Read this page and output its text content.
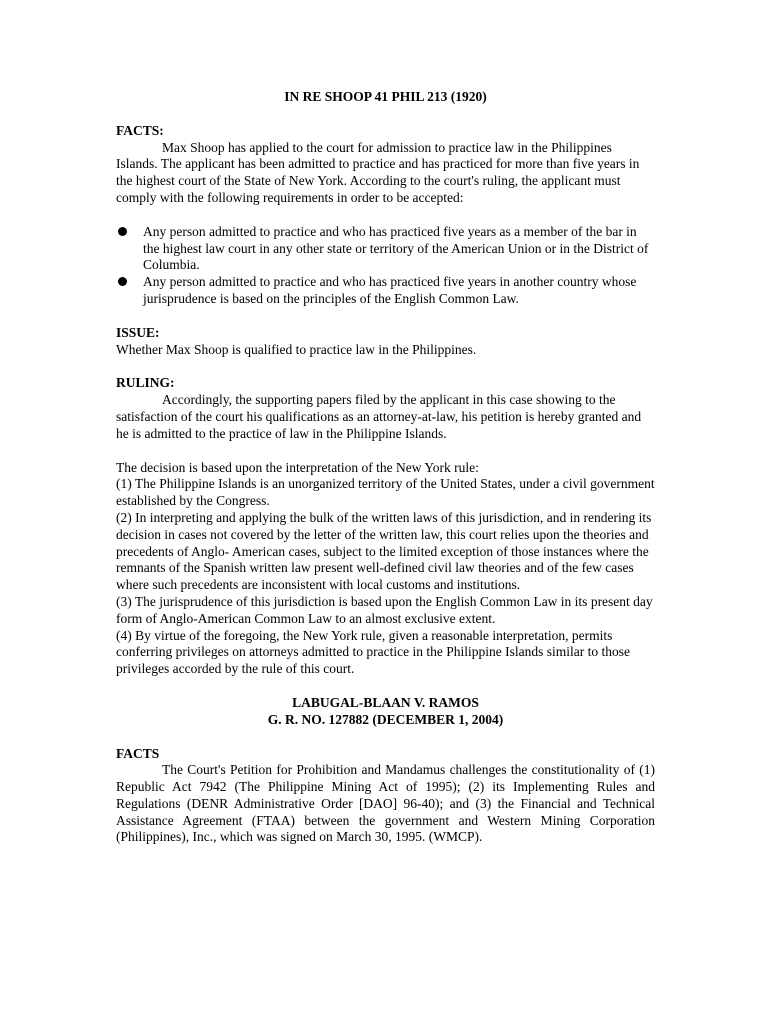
IN RE SHOOP 41 PHIL 213 (1920)

FACTS:

Max Shoop has applied to the court for admission to practice law in the Philippines Islands. The applicant has been admitted to practice and has practiced for more than five years in the highest court of the State of New York. According to the court's ruling, the applicant must comply with the following requirements in order to be accepted:

Any person admitted to practice and who has practiced five years as a member of the bar in the highest law court in any other state or territory of the American Union or in the District of Columbia.
Any person admitted to practice and who has practiced five years in another country whose jurisprudence is based on the principles of the English Common Law.

ISSUE:

Whether Max Shoop is qualified to practice law in the Philippines.

RULING:

Accordingly, the supporting papers filed by the applicant in this case showing to the satisfaction of the court his qualifications as an attorney-at-law, his petition is hereby granted and he is admitted to the practice of law in the Philippine Islands.

The decision is based upon the interpretation of the New York rule:

(1) The Philippine Islands is an unorganized territory of the United States, under a civil government established by the Congress.

(2) In interpreting and applying the bulk of the written laws of this jurisdiction, and in rendering its decision in cases not covered by the letter of the written law, this court relies upon the theories and precedents of Anglo- American cases, subject to the limited exception of those instances where the remnants of the Spanish written law present well-defined civil law theories and of the few cases where such precedents are inconsistent with local customs and institutions.

(3) The jurisprudence of this jurisdiction is based upon the English Common Law in its present day form of Anglo-American Common Law to an almost exclusive extent.

(4) By virtue of the foregoing, the New York rule, given a reasonable interpretation, permits conferring privileges on attorneys admitted to practice in the Philippine Islands similar to those privileges accorded by the rule of this court.

LABUGAL-BLAAN V. RAMOS

G. R. NO. 127882 (DECEMBER 1, 2004)

FACTS

The Court's Petition for Prohibition and Mandamus challenges the constitutionality of (1) Republic Act 7942 (The Philippine Mining Act of 1995); (2) its Implementing Rules and Regulations (DENR Administrative Order [DAO] 96-40); and (3) the Financial and Technical Assistance Agreement (FTAA) between the government and Western Mining Corporation (Philippines), Inc., which was signed on March 30, 1995. (WMCP).
